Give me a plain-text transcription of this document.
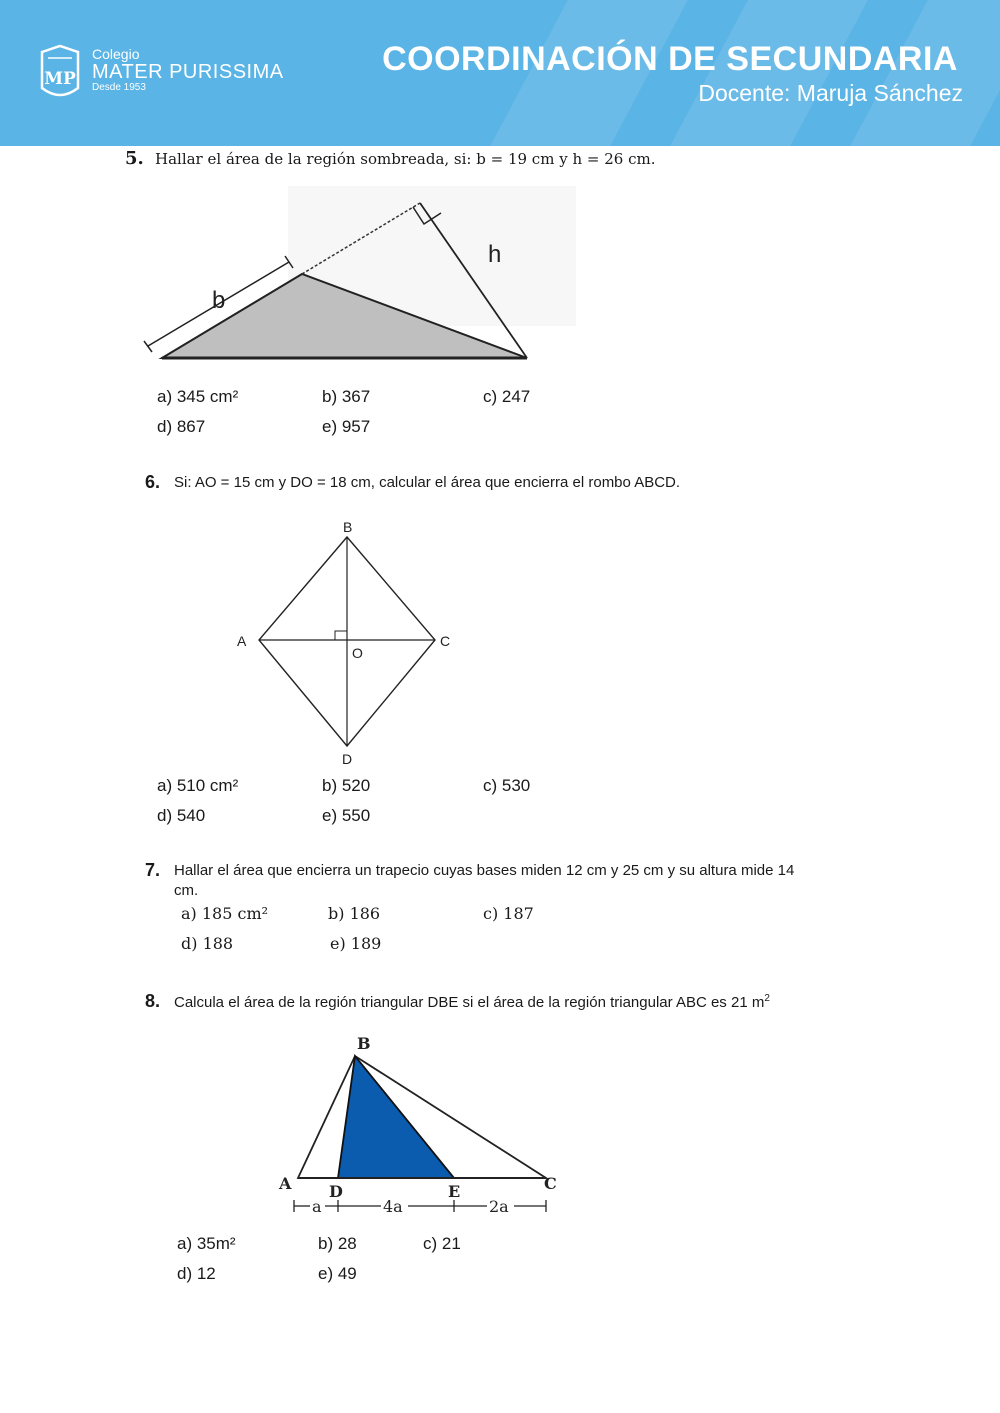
MP
Colegio
MATER PURISSIMA
Desde 1953
COORDINACIÓN DE SECUNDARIA
Docente: Maruja Sánchez
5. Hallar el área de la región sombreada, si: b = 19 cm y h = 26 cm.
b
h
a) 345 cm²	b) 367	c) 247
d) 867	e) 957
6. Si: AO = 15 cm y DO = 18 cm, calcular el área que encierra el rombo ABCD.
B
A	C
D
O
a) 510 cm²	b) 520	c) 530
d) 540	e) 550
7. Hallar el área que encierra un trapecio cuyas bases miden 12 cm y 25 cm y su altura mide 14
cm.
a) 185 cm²	b) 186	c) 187
d) 188	e) 189
8. Calcula el área de la región triangular DBE si el área de la región triangular ABC es 21 $m^2$
B
A D	E	C
a	4a	2a
a) 35m²	b) 28	c) 21
d) 12	e) 49
